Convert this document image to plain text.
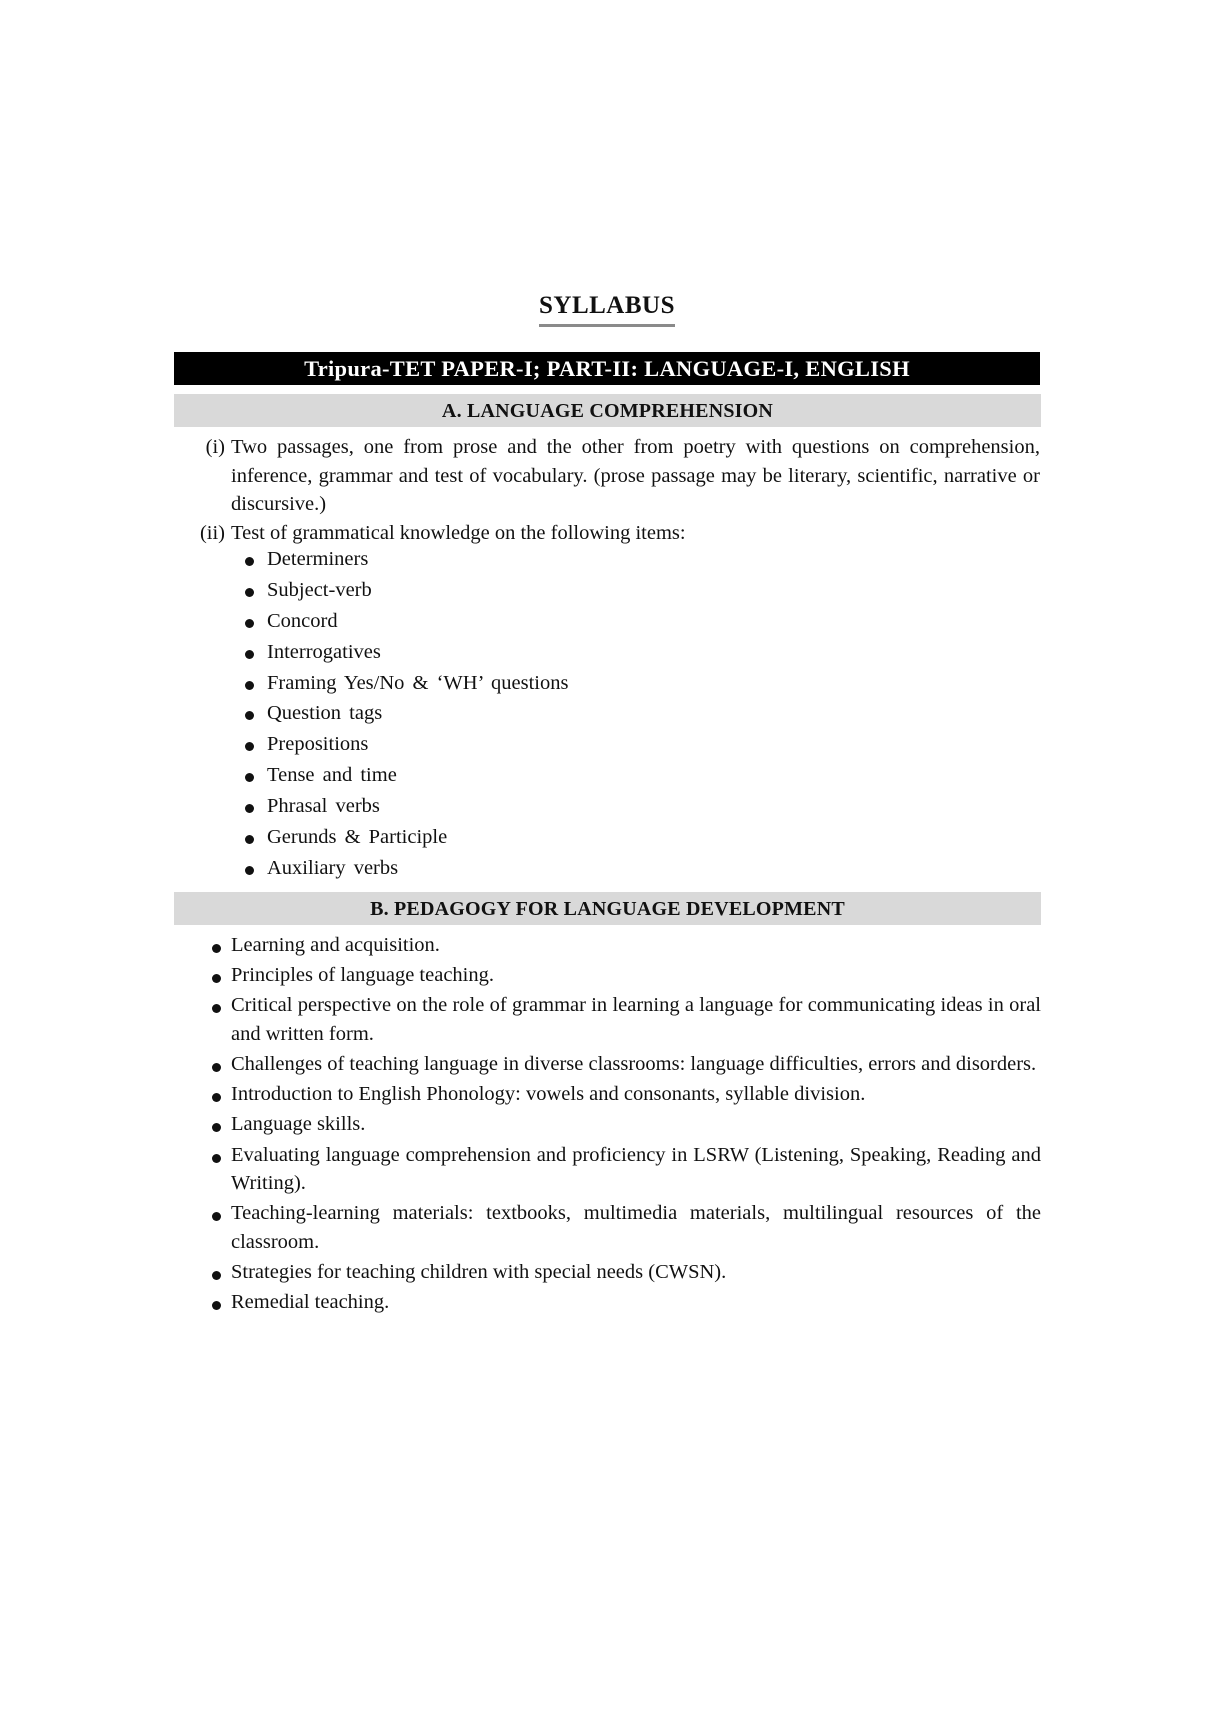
SYLLABUS
Tripura-TET PAPER-I; PART-II: LANGUAGE-I, ENGLISH
A. LANGUAGE COMPREHENSION
(i) Two passages, one from prose and the other from poetry with questions on comprehension, inference, grammar and test of vocabulary. (prose passage may be literary, scientific, narrative or discursive.)
(ii) Test of grammatical knowledge on the following items:
Determiners
Subject-verb
Concord
Interrogatives
Framing Yes/No & ‘WH’ questions
Question tags
Prepositions
Tense and time
Phrasal verbs
Gerunds & Participle
Auxiliary verbs
B. PEDAGOGY FOR LANGUAGE DEVELOPMENT
Learning and acquisition.
Principles of language teaching.
Critical perspective on the role of grammar in learning a language for communicating ideas in oral and written form.
Challenges of teaching language in diverse classrooms: language difficulties, errors and disorders.
Introduction to English Phonology: vowels and consonants, syllable division.
Language skills.
Evaluating language comprehension and proficiency in LSRW (Listening, Speaking, Reading and Writing).
Teaching-learning materials: textbooks, multimedia materials, multilingual resources of the classroom.
Strategies for teaching children with special needs (CWSN).
Remedial teaching.
